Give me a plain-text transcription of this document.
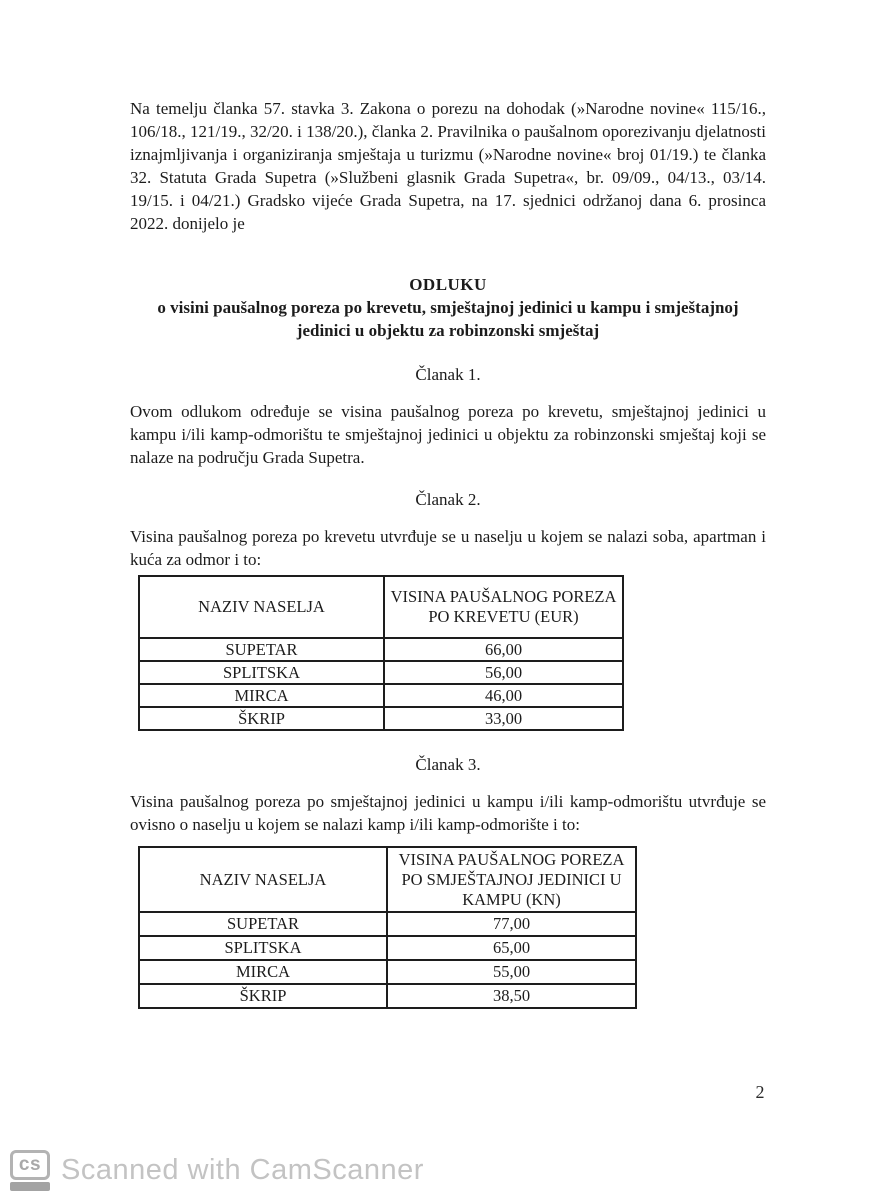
Na temelju članka 57. stavka 3. Zakona o porezu na dohodak (»Narodne novine« 115/16., 106/18., 121/19., 32/20. i 138/20.), članka 2. Pravilnika o paušalnom oporezivanju djelatnosti iznajmljivanja i organiziranja smještaja u turizmu (»Narodne novine« broj 01/19.) te članka 32. Statuta Grada Supetra (»Službeni glasnik Grada Supetra«, br. 09/09., 04/13., 03/14. 19/15. i 04/21.) Gradsko vijeće Grada Supetra, na 17. sjednici održanoj dana 6. prosinca 2022. donijelo je

ODLUKU
o visini paušalnog poreza po krevetu, smještajnoj jedinici u kampu i smještajnoj jedinici u objektu za robinzonski smještaj
Članak 1.

Ovom odlukom određuje se visina paušalnog poreza po krevetu, smještajnoj jedinici u kampu i/ili kamp-odmorištu te smještajnoj jedinici u objektu za robinzonski smještaj koji se nalaze na području Grada Supetra.

Članak 2.

Visina paušalnog poreza po krevetu utvrđuje se u naselju u kojem se nalazi soba, apartman i kuća za odmor i to:

NAZIV NASELJA	VISINA PAUŠALNOG POREZA PO KREVETU (EUR)
SUPETAR	66,00
SPLITSKA	56,00
MIRCA	46,00
ŠKRIP	33,00
Članak 3.

Visina paušalnog poreza po smještajnoj jedinici u kampu i/ili kamp-odmorištu utvrđuje se ovisno o naselju u kojem se nalazi kamp i/ili kamp-odmorište i to:

NAZIV NASELJA	VISINA PAUŠALNOG POREZA PO SMJEŠTAJNOJ JEDINICI U KAMPU (KN)
SUPETAR	77,00
SPLITSKA	65,00
MIRCA	55,00
ŠKRIP	38,50
2
cs Scanned with CamScanner
